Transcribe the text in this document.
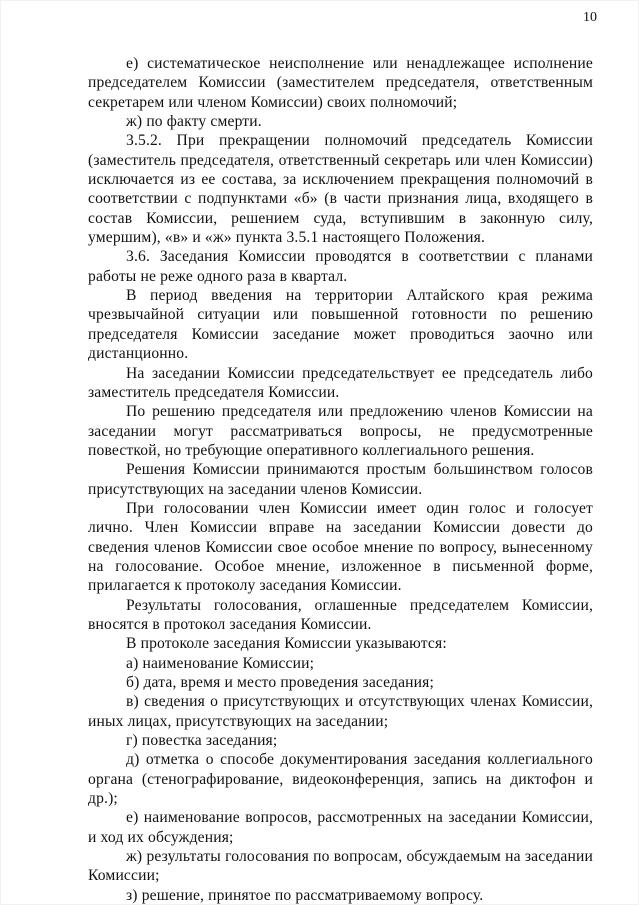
10

е) систематическое неисполнение или ненадлежащее исполнение председателем Комиссии (заместителем председателя, ответственным секретарем или членом Комиссии) своих полномочий;

ж) по факту смерти.

3.5.2. При прекращении полномочий председатель Комиссии (заместитель председателя, ответственный секретарь или член Комиссии) исключается из ее состава, за исключением прекращения полномочий в соответствии с подпунктами «б» (в части признания лица, входящего в состав Комиссии, решением суда, вступившим в законную силу, умершим), «в» и «ж» пункта 3.5.1 настоящего Положения.

3.6. Заседания Комиссии проводятся в соответствии с планами работы не реже одного раза в квартал.

В период введения на территории Алтайского края режима чрезвычайной ситуации или повышенной готовности по решению председателя Комиссии заседание может проводиться заочно или дистанционно.

На заседании Комиссии председательствует ее председатель либо заместитель председателя Комиссии.

По решению председателя или предложению членов Комиссии на заседании могут рассматриваться вопросы, не предусмотренные повесткой, но требующие оперативного коллегиального решения.

Решения Комиссии принимаются простым большинством голосов присутствующих на заседании членов Комиссии.

При голосовании член Комиссии имеет один голос и голосует лично. Член Комиссии вправе на заседании Комиссии довести до сведения членов Комиссии свое особое мнение по вопросу, вынесенному на голосование. Особое мнение, изложенное в письменной форме, прилагается к протоколу заседания Комиссии.

Результаты голосования, оглашенные председателем Комиссии, вносятся в протокол заседания Комиссии.

В протоколе заседания Комиссии указываются:

а) наименование Комиссии;

б) дата, время и место проведения заседания;

в) сведения о присутствующих и отсутствующих членах Комиссии, иных лицах, присутствующих на заседании;

г) повестка заседания;

д) отметка о способе документирования заседания коллегиального органа (стенографирование, видеоконференция, запись на диктофон и др.);

е) наименование вопросов, рассмотренных на заседании Комиссии, и ход их обсуждения;

ж) результаты голосования по вопросам, обсуждаемым на заседании Комиссии;

з) решение, принятое по рассматриваемому вопросу.
